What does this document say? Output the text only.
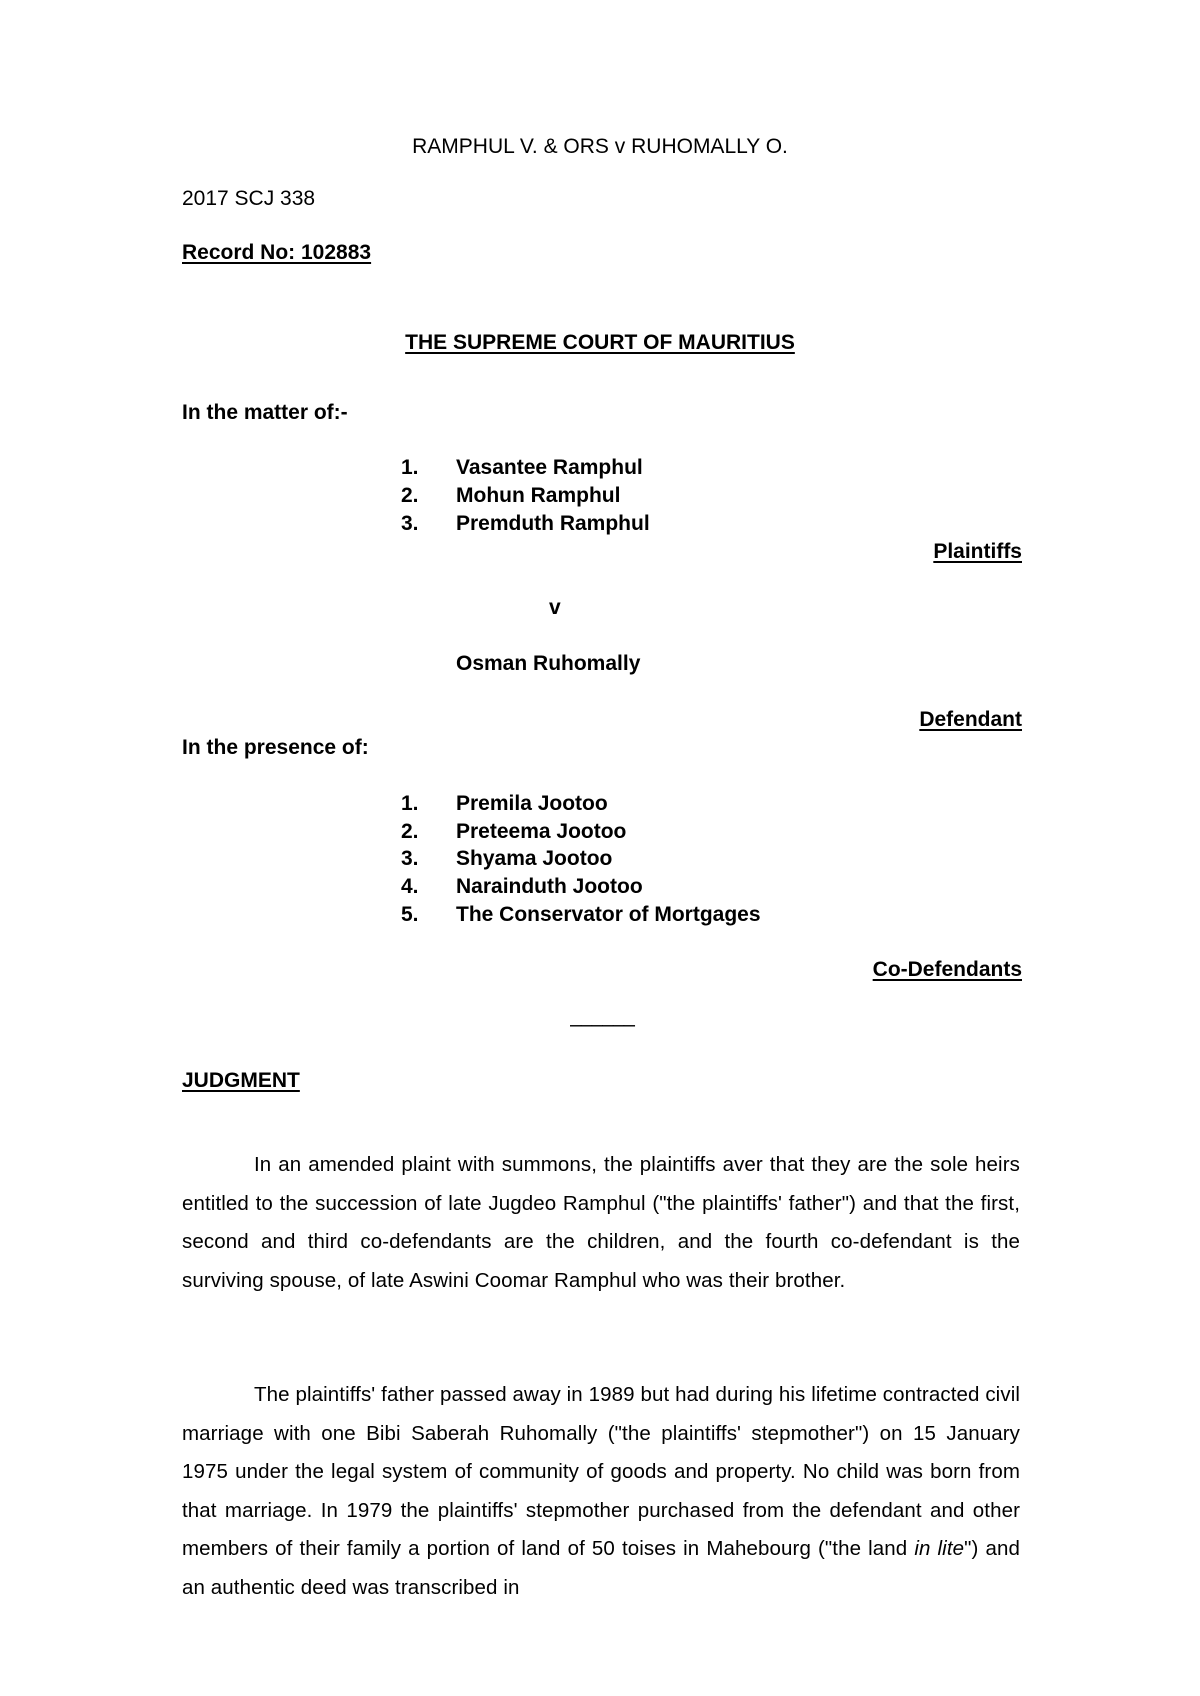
RAMPHUL V. & ORS v RUHOMALLY O.

2017 SCJ 338

Record No: 102883

THE SUPREME COURT OF MAURITIUS

In the matter of:-

1. Vasantee Ramphul

2. Mohun Ramphul

3. Premduth Ramphul

Plaintiffs

v

Osman Ruhomally

Defendant

In the presence of:

1. Premila Jootoo

2. Preteema Jootoo

3. Shyama Jootoo

4. Narainduth Jootoo

5. The Conservator of Mortgages

Co-Defendants

––––––

JUDGMENT

In an amended plaint with summons, the plaintiffs aver that they are the sole heirs entitled to the succession of late Jugdeo Ramphul ("the plaintiffs' father") and that the first, second and third co-defendants are the children, and the fourth co-defendant is the surviving spouse, of late Aswini Coomar Ramphul who was their brother.

The plaintiffs' father passed away in 1989 but had during his lifetime contracted civil marriage with one Bibi Saberah Ruhomally ("the plaintiffs' stepmother") on 15 January 1975 under the legal system of community of goods and property. No child was born from that marriage. In 1979 the plaintiffs' stepmother purchased from the defendant and other members of their family a portion of land of 50 toises in Mahebourg ("the land in lite") and an authentic deed was transcribed in
